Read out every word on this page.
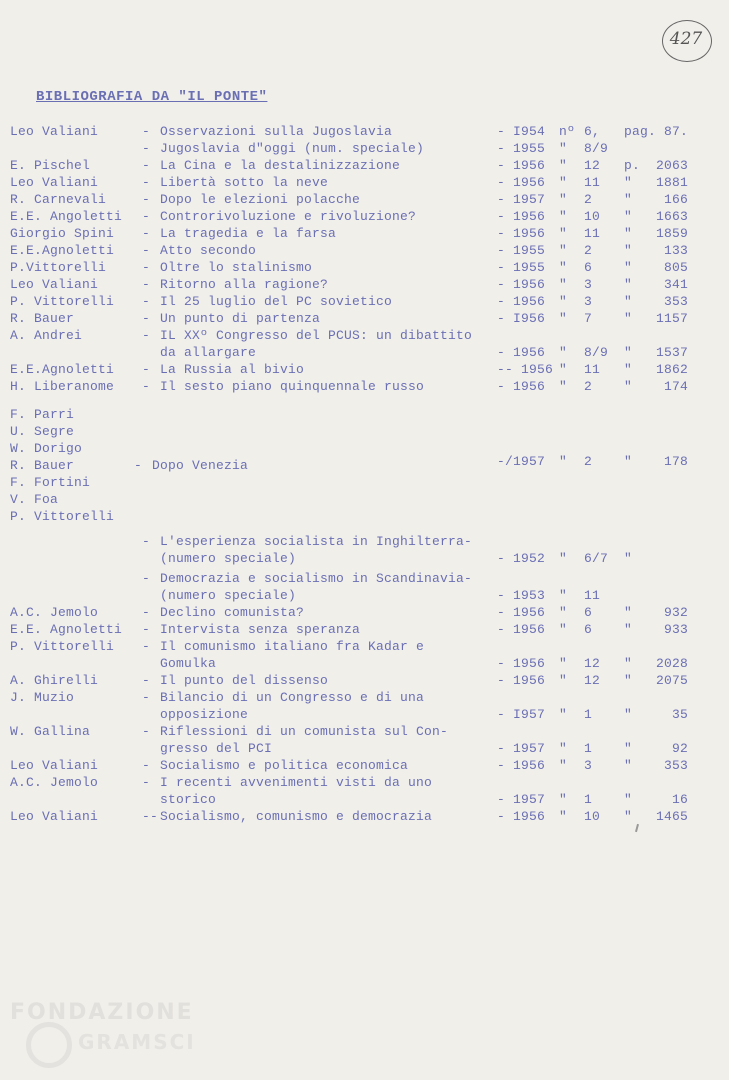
427
BIBLIOGRAFIA DA "IL PONTE"
Leo Valiani	- Osservazioni sulla Jugoslavia	- I954 nº 6, pag. 87.
- Jugoslavia d"oggi (num. speciale)	- 1955 " 8/9
E. Pischel	- La Cina e la destalinizzazione	- 1956 " 12 p.	2063
Leo Valiani	- Libertà sotto la neve	- 1956 " 11 "	1881
R. Carnevali	- Dopo le elezioni polacche	- 1957 " 2 "	166
E.E. Angoletti - Controrivoluzione e rivoluzione?	- 1956 " 10 "	1663
Giorgio Spini - La tragedia e la farsa	- 1956 " 11 "	1859
E.E.Agnoletti - Atto secondo	- 1955 " 2 "	133
P.Vittorelli	- Oltre lo stalinismo	- 1955 " 6 "	805
Leo Valiani	- Ritorno alla ragione?	- 1956 " 3 "	341
P. Vittorelli - Il 25 luglio del PC sovietico	- 1956 " 3 "	353
R. Bauer	- Un punto di partenza	- I956 " 7 "	1157
A. Andrei	- IL XXº Congresso del PCUS: un dibattito
da allargare	- 1956 " 8/9 "	1537
E.E.Agnoletti - La Russia al bivio	-- 1956 " 11 "	1862
H. Liberanome - Il sesto piano quinquennale russo	- 1956 " 2 "	174
F. Parri
U. Segre
W. Dorigo
R. Bauer
F. Fortini
V. Foa
P. Vittorelli
- Dopo Venezia	-/1957 " 2 "	178
- L'esperienza socialista in Inghilterra-
(numero speciale)	- 1952 " 6/7 "
- Democrazia e socialismo in Scandinavia-
(numero speciale)	- 1953 " 11
A.C. Jemolo	- Declino comunista?	- 1956 " 6 "	932
E.E. Agnoletti - Intervista senza speranza	- 1956 " 6 "	933
P. Vittorelli - Il comunismo italiano fra Kadar e
Gomulka	- 1956 " 12 "	2028
A. Ghirelli	- Il punto del dissenso	- 1956 " 12 "	2075
J. Muzio	- Bilancio di un Congresso e di una
opposizione	- I957 " 1 "	35
W. Gallina	- Riflessioni di un comunista sul Con-
gresso del PCI	- 1957 " 1 "	92
Leo Valiani	- Socialismo e politica economica	- 1956 " 3 "	353
A.C. Jemolo	- I recenti avvenimenti visti da uno
storico	- 1957 " 1 "	16
Leo Valiani	-- Socialismo, comunismo e democrazia	- 1956 " 10 "	1465
FONDAZIONE
GRAMSCI
